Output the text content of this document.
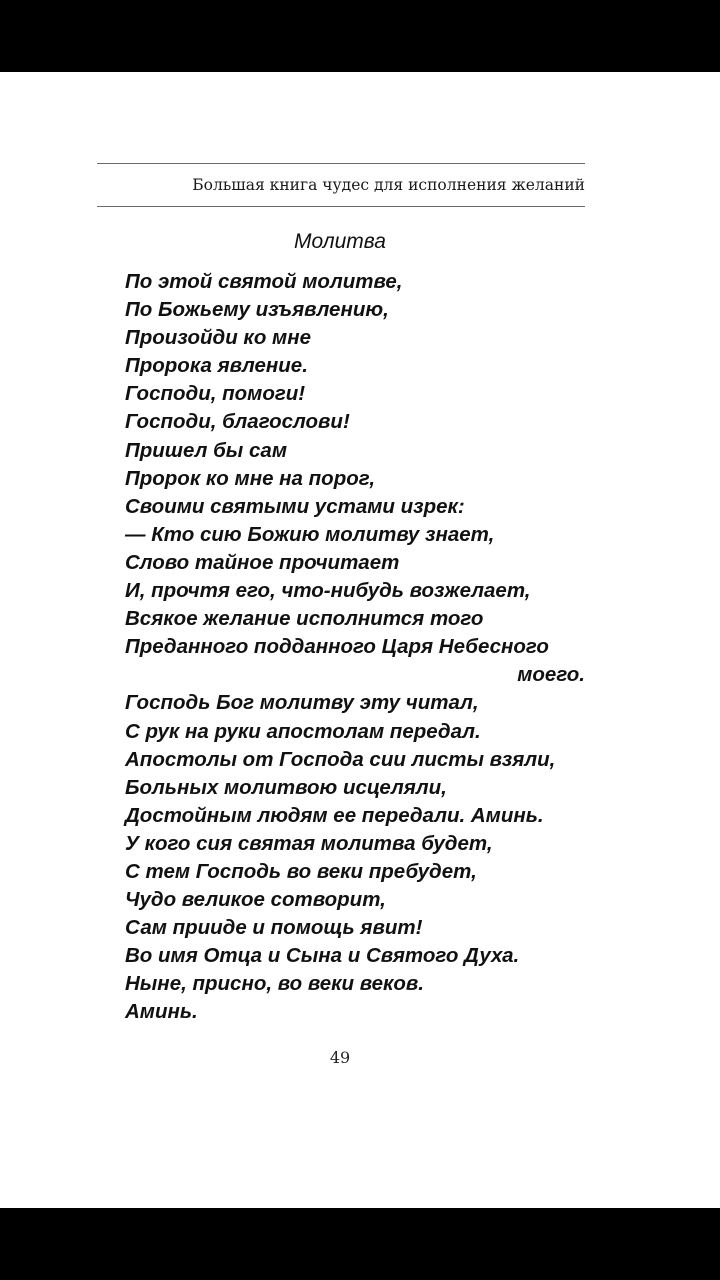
Большая книга чудес для исполнения желаний
Молитва
По этой святой молитве,
По Божьему изъявлению,
Произойди ко мне
Пророка явление.
Господи, помоги!
Господи, благослови!
Пришел бы сам
Пророк ко мне на порог,
Своими святыми устами изрек:
— Кто сию Божию молитву знает,
Слово тайное прочитает
И, прочтя его, что-нибудь возжелает,
Всякое желание исполнится того
Преданного подданного Царя Небесного
моего.
Господь Бог молитву эту читал,
С рук на руки апостолам передал.
Апостолы от Господа сии листы взяли,
Больных молитвою исцеляли,
Достойным людям ее передали. Аминь.
У кого сия святая молитва будет,
С тем Господь во веки пребудет,
Чудо великое сотворит,
Сам прииде и помощь явит!
Во имя Отца и Сына и Святого Духа.
Ныне, присно, во веки веков.
Аминь.
49
